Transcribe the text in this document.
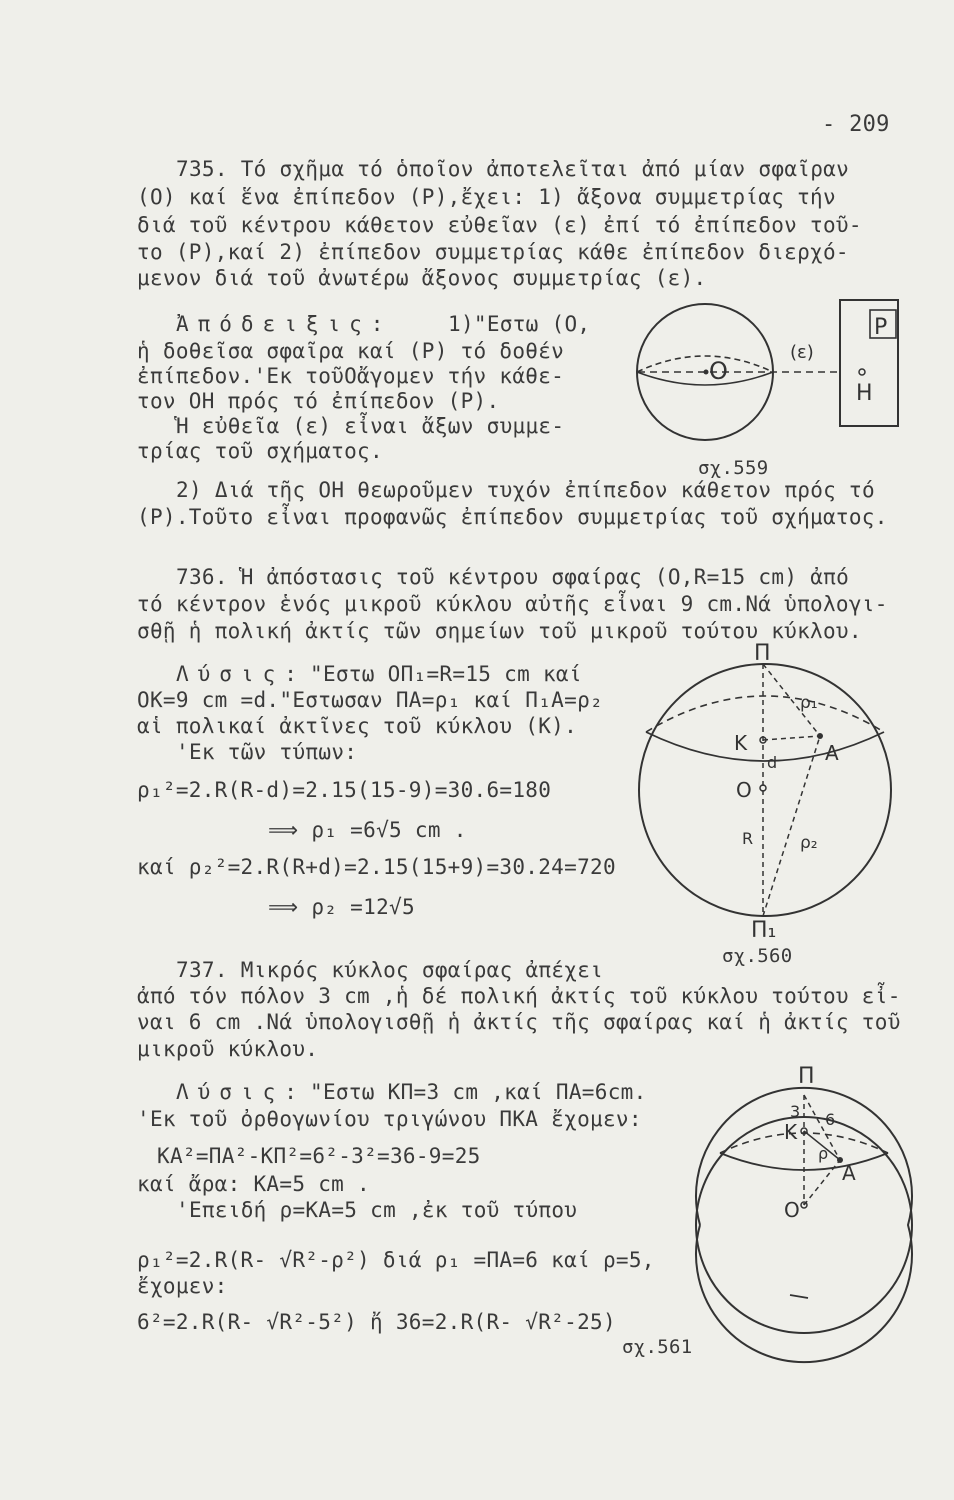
- 209
735. Τό σχῆμα τό ὁποῖον ἀποτελεῖται ἀπό μίαν σφαῖραν
(Ο) καί ἕνα ἐπίπεδον (Ρ),ἔχει: 1) ἄξονα συμμετρίας τήν
διά τοῦ κέντρου κάθετον εὐθεῖαν (ε) ἐπί τό ἐπίπεδον τοῦ-
το (Ρ),καί 2) ἐπίπεδον συμμετρίας κάθε ἐπίπεδον διερχό-
μενον διά τοῦ ἀνωτέρω ἄξονος συμμετρίας (ε).
Ἀπόδειξις:	1)"Εστω (Ο,
ἡ δοθεῖσα σφαῖρα καί (Ρ) τό δοθέν
ἐπίπεδον.'Εκ τοῦΟἄγομεν τήν κάθε-
τον ΟΗ πρός τό ἐπίπεδον (Ρ).
Ἡ εὐθεῖα (ε) εἶναι ἄξων συμμε-
τρίας τοῦ σχήματος.
2) Διά τῆς ΟΗ θεωροῦμεν τυχόν ἐπίπεδον κάθετον πρός τό
(Ρ).Τοῦτο εἶναι προφανῶς ἐπίπεδον συμμετρίας τοῦ σχήματος.
P
O
(ε)
H
σχ.559
736. Ἡ ἀπόστασις τοῦ κέντρου σφαίρας (Ο,R=15 cm) ἀπό
τό κέντρον ἑνός μικροῦ κύκλου αὐτῆς εἶναι 9 cm.Νά ὑπολογι-
σθῇ ἡ πολική ἀκτίς τῶν σημείων τοῦ μικροῦ τούτου κύκλου.
Λύσις: "Εστω ΟΠ₁=R=15 cm καί
ΟΚ=9 cm =d."Εστωσαν ΠΑ=ρ₁ καί Π₁Α=ρ₂
αἱ πολικαί ἀκτῖνες τοῦ κύκλου (Κ).
'Εκ τῶν τύπων:
ρ₁²=2.R(R-d)=2.15(15-9)=30.6=180
⟹ ρ₁ =6√5 cm .
καί ρ₂²=2.R(R+d)=2.15(15+9)=30.24=720
⟹ ρ₂ =12√5
Π
K	A
O
d
R
ρ₁
ρ₂
Π₁
σχ.560
737. Μικρός κύκλος σφαίρας ἀπέχει
ἀπό τόν πόλον 3 cm ,ἡ δέ πολική ἀκτίς τοῦ κύκλου τούτου εἶ-
ναι 6 cm .Νά ὑπολογισθῇ ἡ ἀκτίς τῆς σφαίρας καί ἡ ἀκτίς τοῦ
μικροῦ κύκλου.
Λύσις: "Εστω ΚΠ=3 cm ,καί ΠΑ=6cm.
'Εκ τοῦ ὀρθογωνίου τριγώνου ΠΚΑ ἔχομεν:
ΚΑ²=ΠΑ²-ΚΠ²=6²-3²=36-9=25
καί ἄρα: ΚΑ=5 cm .
'Επειδή ρ=ΚΑ=5 cm ,ἐκ τοῦ τύπου
ρ₁²=2.R(R- √R²-ρ²) διά ρ₁ =ΠΑ=6 καί ρ=5,
ἔχομεν:
6²=2.R(R- √R²-5²) ἤ 36=2.R(R- √R²-25)
Π
3 6
K
ρ
A
O
σχ.561
